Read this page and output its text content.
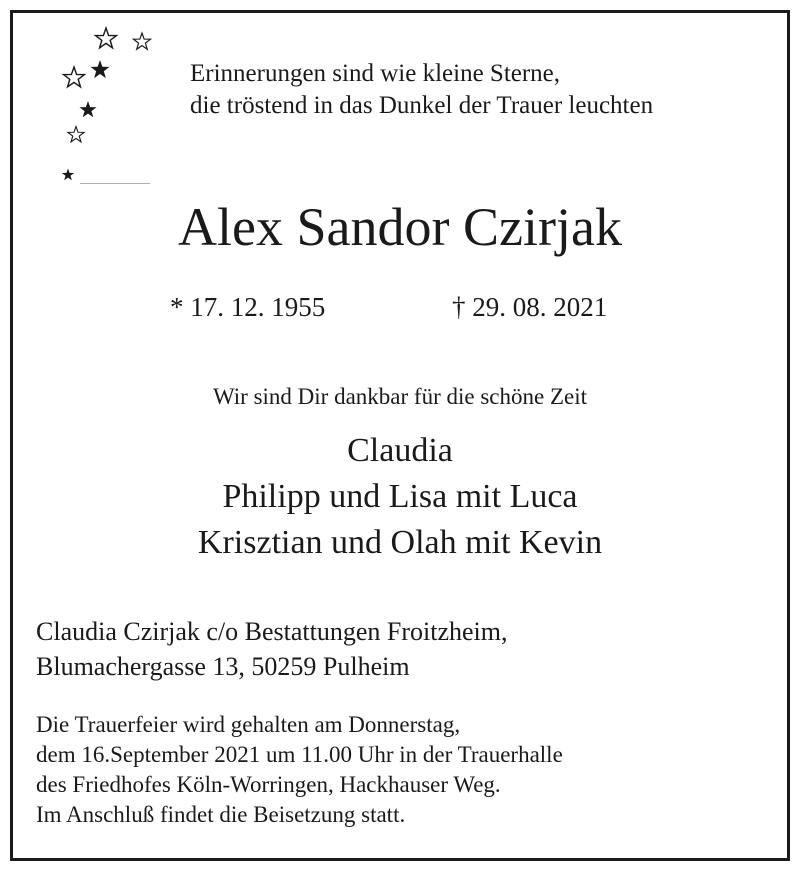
Erinnerungen sind wie kleine Sterne,
die tröstend in das Dunkel der Trauer leuchten
Alex Sandor Czirjak
* 17. 12. 1955	† 29. 08. 2021
Wir sind Dir dankbar für die schöne Zeit
Claudia
Philipp und Lisa mit Luca
Krisztian und Olah mit Kevin
Claudia Czirjak c/o Bestattungen Froitzheim,
Blumachergasse 13, 50259 Pulheim
Die Trauerfeier wird gehalten am Donnerstag,
dem 16.September 2021 um 11.00 Uhr in der Trauerhalle
des Friedhofes Köln-Worringen, Hackhauser Weg.
Im Anschluß findet die Beisetzung statt.
